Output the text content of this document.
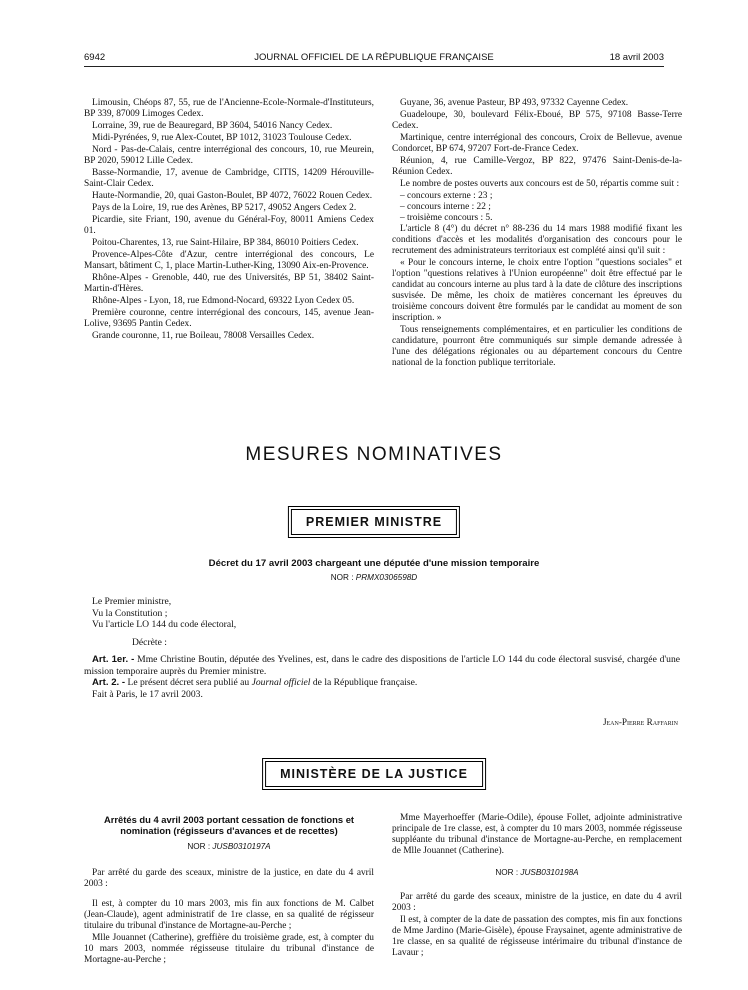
6942	JOURNAL OFFICIEL DE LA RÉPUBLIQUE FRANÇAISE	18 avril 2003

Limousin, Chéops 87, 55, rue de l'Ancienne-Ecole-Normale-d'Instituteurs, BP 339, 87009 Limoges Cedex.

Lorraine, 39, rue de Beauregard, BP 3604, 54016 Nancy Cedex.

Midi-Pyrénées, 9, rue Alex-Coutet, BP 1012, 31023 Toulouse Cedex.

Nord - Pas-de-Calais, centre interrégional des concours, 10, rue Meurein, BP 2020, 59012 Lille Cedex.

Basse-Normandie, 17, avenue de Cambridge, CITIS, 14209 Hérouville-Saint-Clair Cedex.

Haute-Normandie, 20, quai Gaston-Boulet, BP 4072, 76022 Rouen Cedex.

Pays de la Loire, 19, rue des Arènes, BP 5217, 49052 Angers Cedex 2.

Picardie, site Friant, 190, avenue du Général-Foy, 80011 Amiens Cedex 01.

Poitou-Charentes, 13, rue Saint-Hilaire, BP 384, 86010 Poitiers Cedex.

Provence-Alpes-Côte d'Azur, centre interrégional des concours, Le Mansart, bâtiment C, 1, place Martin-Luther-King, 13090 Aix-en-Provence.

Rhône-Alpes - Grenoble, 440, rue des Universités, BP 51, 38402 Saint-Martin-d'Hères.

Rhône-Alpes - Lyon, 18, rue Edmond-Nocard, 69322 Lyon Cedex 05.

Première couronne, centre interrégional des concours, 145, avenue Jean-Lolive, 93695 Pantin Cedex.

Grande couronne, 11, rue Boileau, 78008 Versailles Cedex.

Guyane, 36, avenue Pasteur, BP 493, 97332 Cayenne Cedex.

Guadeloupe, 30, boulevard Félix-Eboué, BP 575, 97108 Basse-Terre Cedex.

Martinique, centre interrégional des concours, Croix de Bellevue, avenue Condorcet, BP 674, 97207 Fort-de-France Cedex.

Réunion, 4, rue Camille-Vergoz, BP 822, 97476 Saint-Denis-de-la-Réunion Cedex.

Le nombre de postes ouverts aux concours est de 50, répartis comme suit :

– concours externe : 23 ;
– concours interne : 22 ;
– troisième concours : 5.

L'article 8 (4°) du décret n° 88-236 du 14 mars 1988 modifié fixant les conditions d'accès et les modalités d'organisation des concours pour le recrutement des administrateurs territoriaux est complété ainsi qu'il suit :

« Pour le concours interne, le choix entre l'option "questions sociales" et l'option "questions relatives à l'Union européenne" doit être effectué par le candidat au concours interne au plus tard à la date de clôture des inscriptions susvisée. De même, les choix de matières concernant les épreuves du troisième concours doivent être formulés par le candidat au moment de son inscription. »

Tous renseignements complémentaires, et en particulier les conditions de candidature, pourront être communiqués sur simple demande adressée à l'une des délégations régionales ou au département concours du Centre national de la fonction publique territoriale.

MESURES NOMINATIVES
PREMIER MINISTRE
Décret du 17 avril 2003 chargeant une députée d'une mission temporaire
NOR : PRMX0306598D

Le Premier ministre,

Vu la Constitution ;

Vu l'article LO 144 du code électoral,

Décrète :

Art. 1er. - Mme Christine Boutin, députée des Yvelines, est, dans le cadre des dispositions de l'article LO 144 du code électoral susvisé, chargée d'une mission temporaire auprès du Premier ministre.

Art. 2. - Le présent décret sera publié au Journal officiel de la République française.

Fait à Paris, le 17 avril 2003.

Jean-Pierre Raffarin
MINISTÈRE DE LA JUSTICE
Arrêtés du 4 avril 2003 portant cessation de fonctions et nomination (régisseurs d'avances et de recettes)
NOR : JUSB0310197A

Par arrêté du garde des sceaux, ministre de la justice, en date du 4 avril 2003 :

Il est, à compter du 10 mars 2003, mis fin aux fonctions de M. Calbet (Jean-Claude), agent administratif de 1re classe, en sa qualité de régisseur titulaire du tribunal d'instance de Mortagne-au-Perche ;

Mlle Jouannet (Catherine), greffière du troisième grade, est, à compter du 10 mars 2003, nommée régisseuse titulaire du tribunal d'instance de Mortagne-au-Perche ;

Mme Mayerhoeffer (Marie-Odile), épouse Follet, adjointe administrative principale de 1re classe, est, à compter du 10 mars 2003, nommée régisseuse suppléante du tribunal d'instance de Mortagne-au-Perche, en remplacement de Mlle Jouannet (Catherine).

NOR : JUSB0310198A

Par arrêté du garde des sceaux, ministre de la justice, en date du 4 avril 2003 :

Il est, à compter de la date de passation des comptes, mis fin aux fonctions de Mme Jardino (Marie-Gisèle), épouse Fraysainet, agente administrative de 1re classe, en sa qualité de régisseuse intérimaire du tribunal d'instance de Lavaur ;
